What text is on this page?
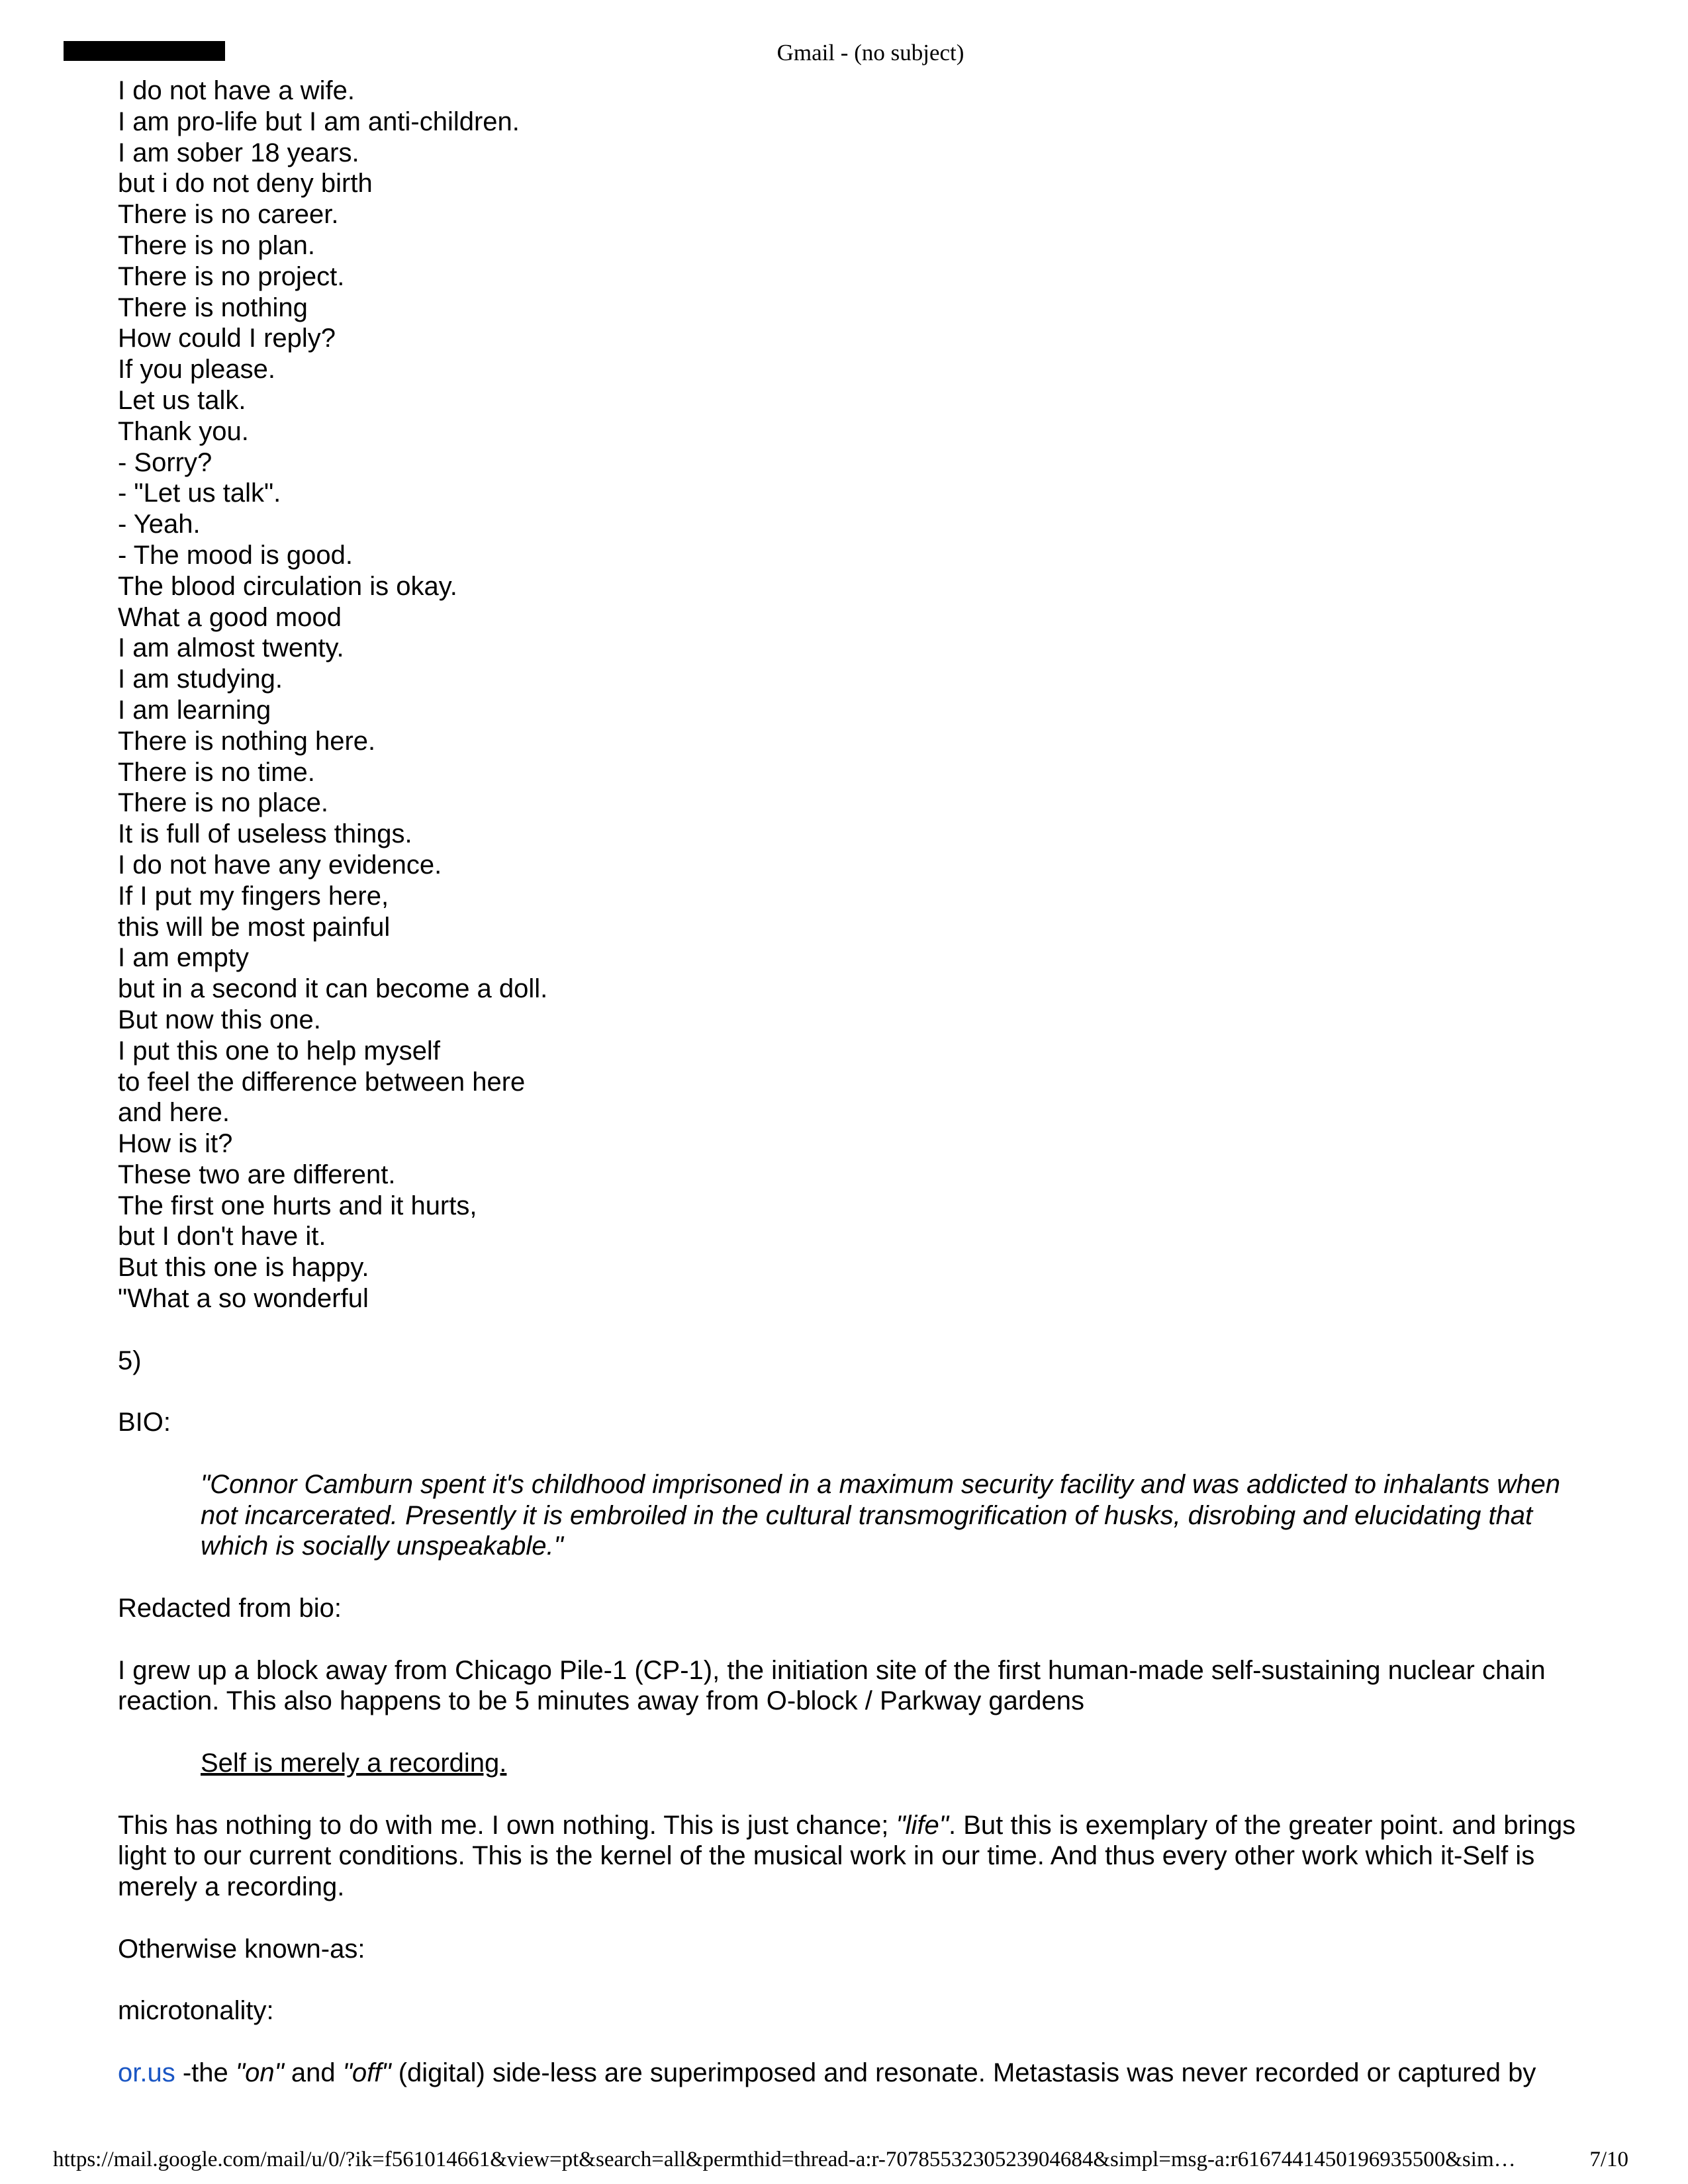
Gmail - (no subject)
I do not have a wife.
I am pro-life but I am anti-children.
I am sober 18 years.
but i do not deny birth
There is no career.
There is no plan.
There is no project.
There is nothing
How could I reply?
If you please.
Let us talk.
Thank you.
- Sorry?
- "Let us talk".
- Yeah.
- The mood is good.
The blood circulation is okay.
What a good mood
I am almost twenty.
I am studying.
I am learning
There is nothing here.
There is no time.
There is no place.
It is full of useless things.
I do not have any evidence.
If I put my fingers here,
this will be most painful
I am empty
but in a second it can become a doll.
But now this one.
I put this one to help myself
to feel the difference between here
and here.
How is it?
These two are different.
The first one hurts and it hurts,
but I don't have it.
But this one is happy.
"What a so wonderful

5)

BIO:

"Connor Camburn spent it's childhood imprisoned in a maximum security facility and was addicted to inhalants when not incarcerated. Presently it is embroiled in the cultural transmogrification of husks, disrobing and elucidating that which is socially unspeakable."

Redacted from bio:

I grew up a block away from Chicago Pile-1 (CP-1), the initiation site of the first human-made self-sustaining nuclear chain reaction. This also happens to be 5 minutes away from O-block / Parkway gardens

Self is merely a recording.

This has nothing to do with me. I own nothing. This is just chance; "life". But this is exemplary of the greater point. and brings light to our current conditions. This is the kernel of the musical work in our time. And thus every other work which it-Self is merely a recording.

Otherwise known-as:

microtonality:

or.us -the "on" and "off" (digital) side-less are superimposed and resonate. Metastasis was never recorded or captured by

https://mail.google.com/mail/u/0/?ik=f561014661&view=pt&search=all&permthid=thread-a:r-7078553230523904684&simpl=msg-a:r6167441450196935500&sim…	7/10
